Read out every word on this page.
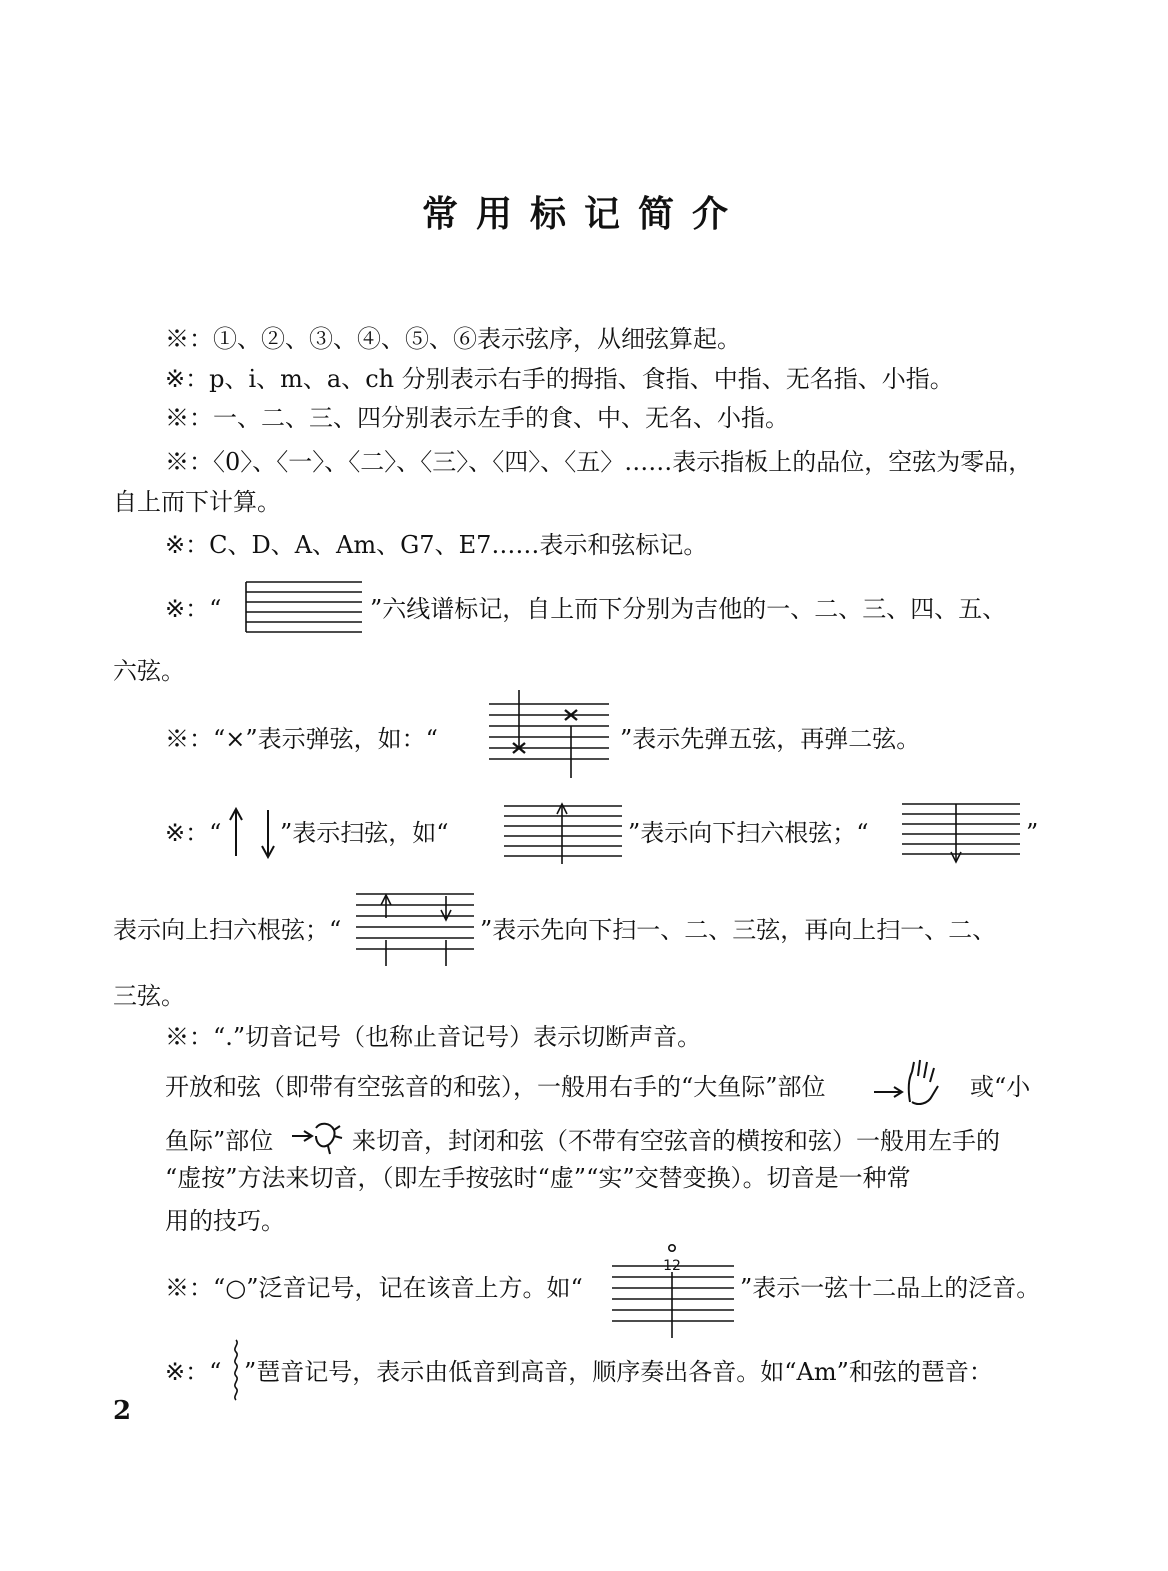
常用标记简介
※：①、②、③、④、⑤、⑥表示弦序，从细弦算起。
※：p、i、m、a、ch 分别表示右手的拇指、食指、中指、无名指、小指。
※：一、二、三、四分别表示左手的食、中、无名、小指。
※：〈0〉、〈一〉、〈二〉、〈三〉、〈四〉、〈五〉……表示指板上的品位，空弦为零品，
自上而下计算。
※：C、D、A、Am、G7、E7……表示和弦标记。
※：“	”六线谱标记，自上而下分别为吉他的一、二、三、四、五、
六弦。
※：“×”表示弹弦，如：“	”表示先弹五弦，再弹二弦。
※：“ ”表示扫弦，如“	”表示向下扫六根弦；“	”
表示向上扫六根弦；“	”表示先向下扫一、二、三弦，再向上扫一、二、
三弦。
※：“.”切音记号（也称止音记号）表示切断声音。
开放和弦（即带有空弦音的和弦），一般用右手的“大鱼际”部位	或“小
鱼际”部位	来切音，封闭和弦（不带有空弦音的横按和弦）一般用左手的
“虚按”方法来切音，（即左手按弦时“虚”“实”交替变换）。切音是一种常
用的技巧。
※：“○”泛音记号，记在该音上方。如“
12
”表示一弦十二品上的泛音。
※：“ ”琶音记号，表示由低音到高音，顺序奏出各音。如“Am”和弦的琶音：
2
